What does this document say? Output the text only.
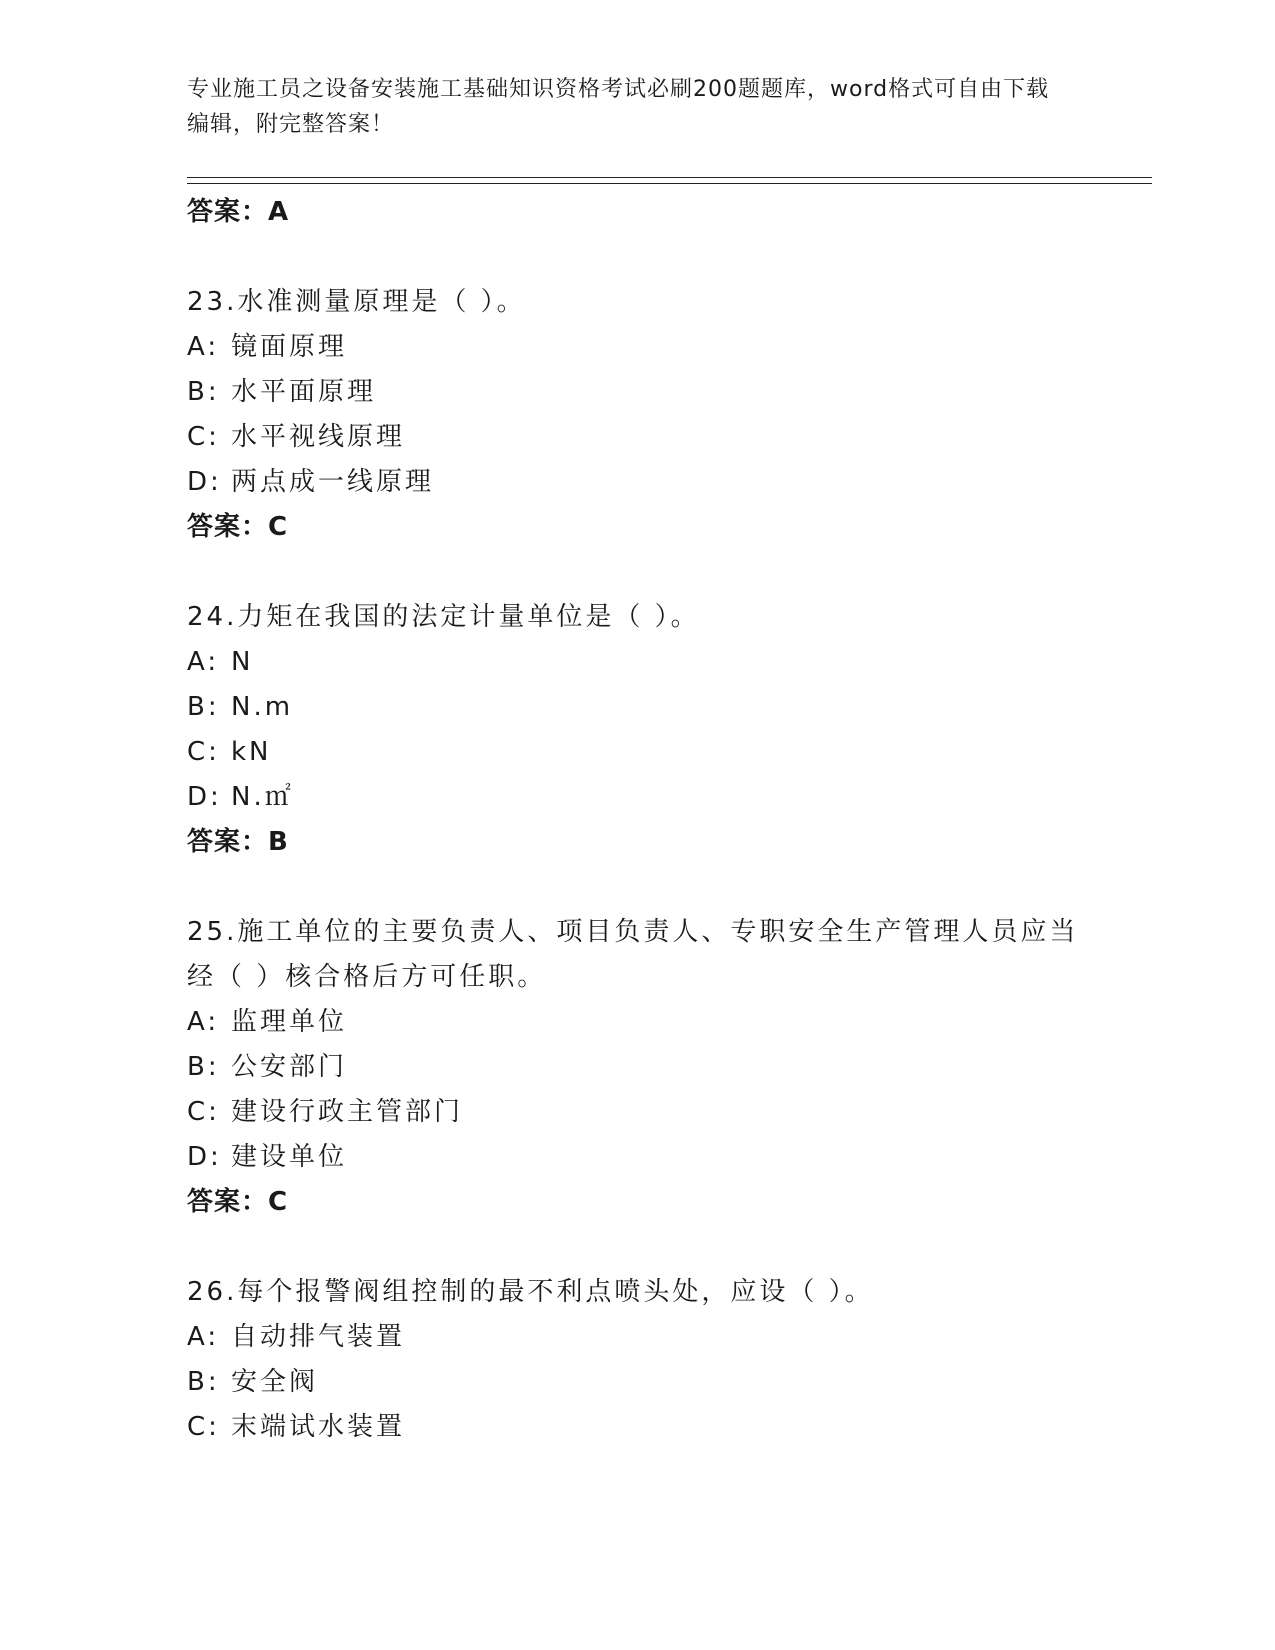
专业施工员之设备安装施工基础知识资格考试必刷200题题库，word格式可自由下载编辑，附完整答案！
答案：A
23.水准测量原理是（ ）。
A: 镜面原理
B: 水平面原理
C: 水平视线原理
D: 两点成一线原理
答案：C
24.力矩在我国的法定计量单位是（ ）。
A: N
B: N.m
C: kN
D: N.㎡
答案：B
25.施工单位的主要负责人、项目负责人、专职安全生产管理人员应当
经（ ）核合格后方可任职。
A: 监理单位
B: 公安部门
C: 建设行政主管部门
D: 建设单位
答案：C
26.每个报警阀组控制的最不利点喷头处，应设（ ）。
A: 自动排气装置
B: 安全阀
C: 末端试水装置
